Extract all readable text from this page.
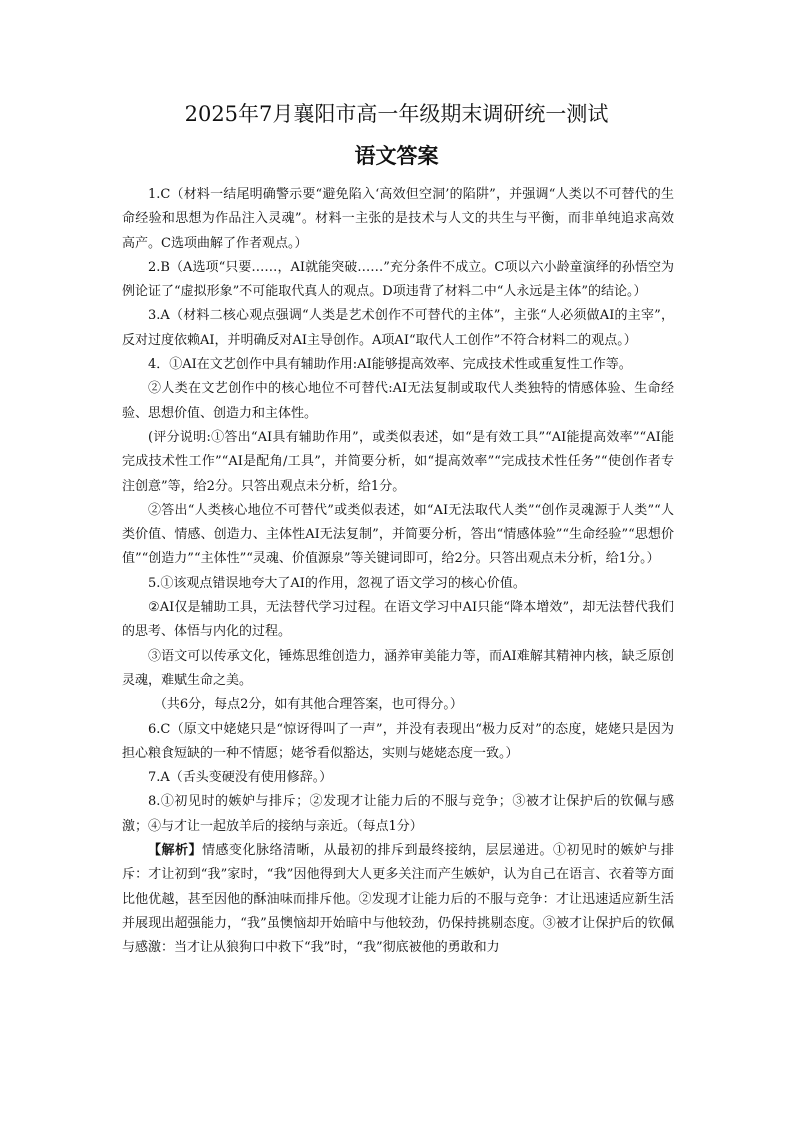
2025年7月襄阳市高一年级期末调研统一测试
语文答案

1.C（材料一结尾明确警示要“避免陷入‘高效但空洞’的陷阱”，并强调“人类以不可替代的生命经验和思想为作品注入灵魂”。材料一主张的是技术与人文的共生与平衡，而非单纯追求高效高产。C选项曲解了作者观点。）

2.B（A选项“只要……，AI就能突破……”充分条件不成立。C项以六小龄童演绎的孙悟空为例论证了“虚拟形象”不可能取代真人的观点。D项违背了材料二中“人永远是主体”的结论。）

3.A（材料二核心观点强调“人类是艺术创作不可替代的主体”，主张“人必须做AI的主宰”，反对过度依赖AI，并明确反对AI主导创作。A项AI“取代人工创作”不符合材料二的观点。）

4．①AI在文艺创作中具有辅助作用:AI能够提高效率、完成技术性或重复性工作等。

②人类在文艺创作中的核心地位不可替代:AI无法复制或取代人类独特的情感体验、生命经验、思想价值、创造力和主体性。

(评分说明:①答出“AI具有辅助作用”，或类似表述，如“是有效工具”“AI能提高效率”“AI能完成技术性工作”“AI是配角/工具”，并简要分析，如“提高效率”“完成技术性任务”“使创作者专注创意”等，给2分。只答出观点未分析，给1分。

②答出“人类核心地位不可替代”或类似表述，如“AI无法取代人类”“创作灵魂源于人类”“人类价值、情感、创造力、主体性AI无法复制”，并简要分析，答出“情感体验”“生命经验”“思想价值”“创造力”“主体性”“灵魂、价值源泉”等关键词即可，给2分。只答出观点未分析，给1分。）

5.①该观点错误地夸大了AI的作用，忽视了语文学习的核心价值。

②AI仅是辅助工具，无法替代学习过程。在语文学习中AI只能“降本增效”，却无法替代我们的思考、体悟与内化的过程。

③语文可以传承文化，锤炼思维创造力，涵养审美能力等，而AI难解其精神内核，缺乏原创灵魂，难赋生命之美。

（共6分，每点2分，如有其他合理答案，也可得分。）

6.C（原文中姥姥只是“惊讶得叫了一声”，并没有表现出“极力反对”的态度，姥姥只是因为担心粮食短缺的一种不情愿；姥爷看似豁达，实则与姥姥态度一致。）

7.A（舌头变硬没有使用修辞。）

8.①初见时的嫉妒与排斥；②发现才让能力后的不服与竞争；③被才让保护后的钦佩与感激；④与才让一起放羊后的接纳与亲近。（每点1分）

【解析】情感变化脉络清晰，从最初的排斥到最终接纳，层层递进。①初见时的嫉妒与排斥：才让初到“我”家时，“我”因他得到大人更多关注而产生嫉妒，认为自己在语言、衣着等方面比他优越，甚至因他的酥油味而排斥他。②发现才让能力后的不服与竞争：才让迅速适应新生活并展现出超强能力，“我”虽懊恼却开始暗中与他较劲，仍保持挑剔态度。③被才让保护后的钦佩与感激：当才让从狼狗口中救下“我”时，“我”彻底被他的勇敢和力
